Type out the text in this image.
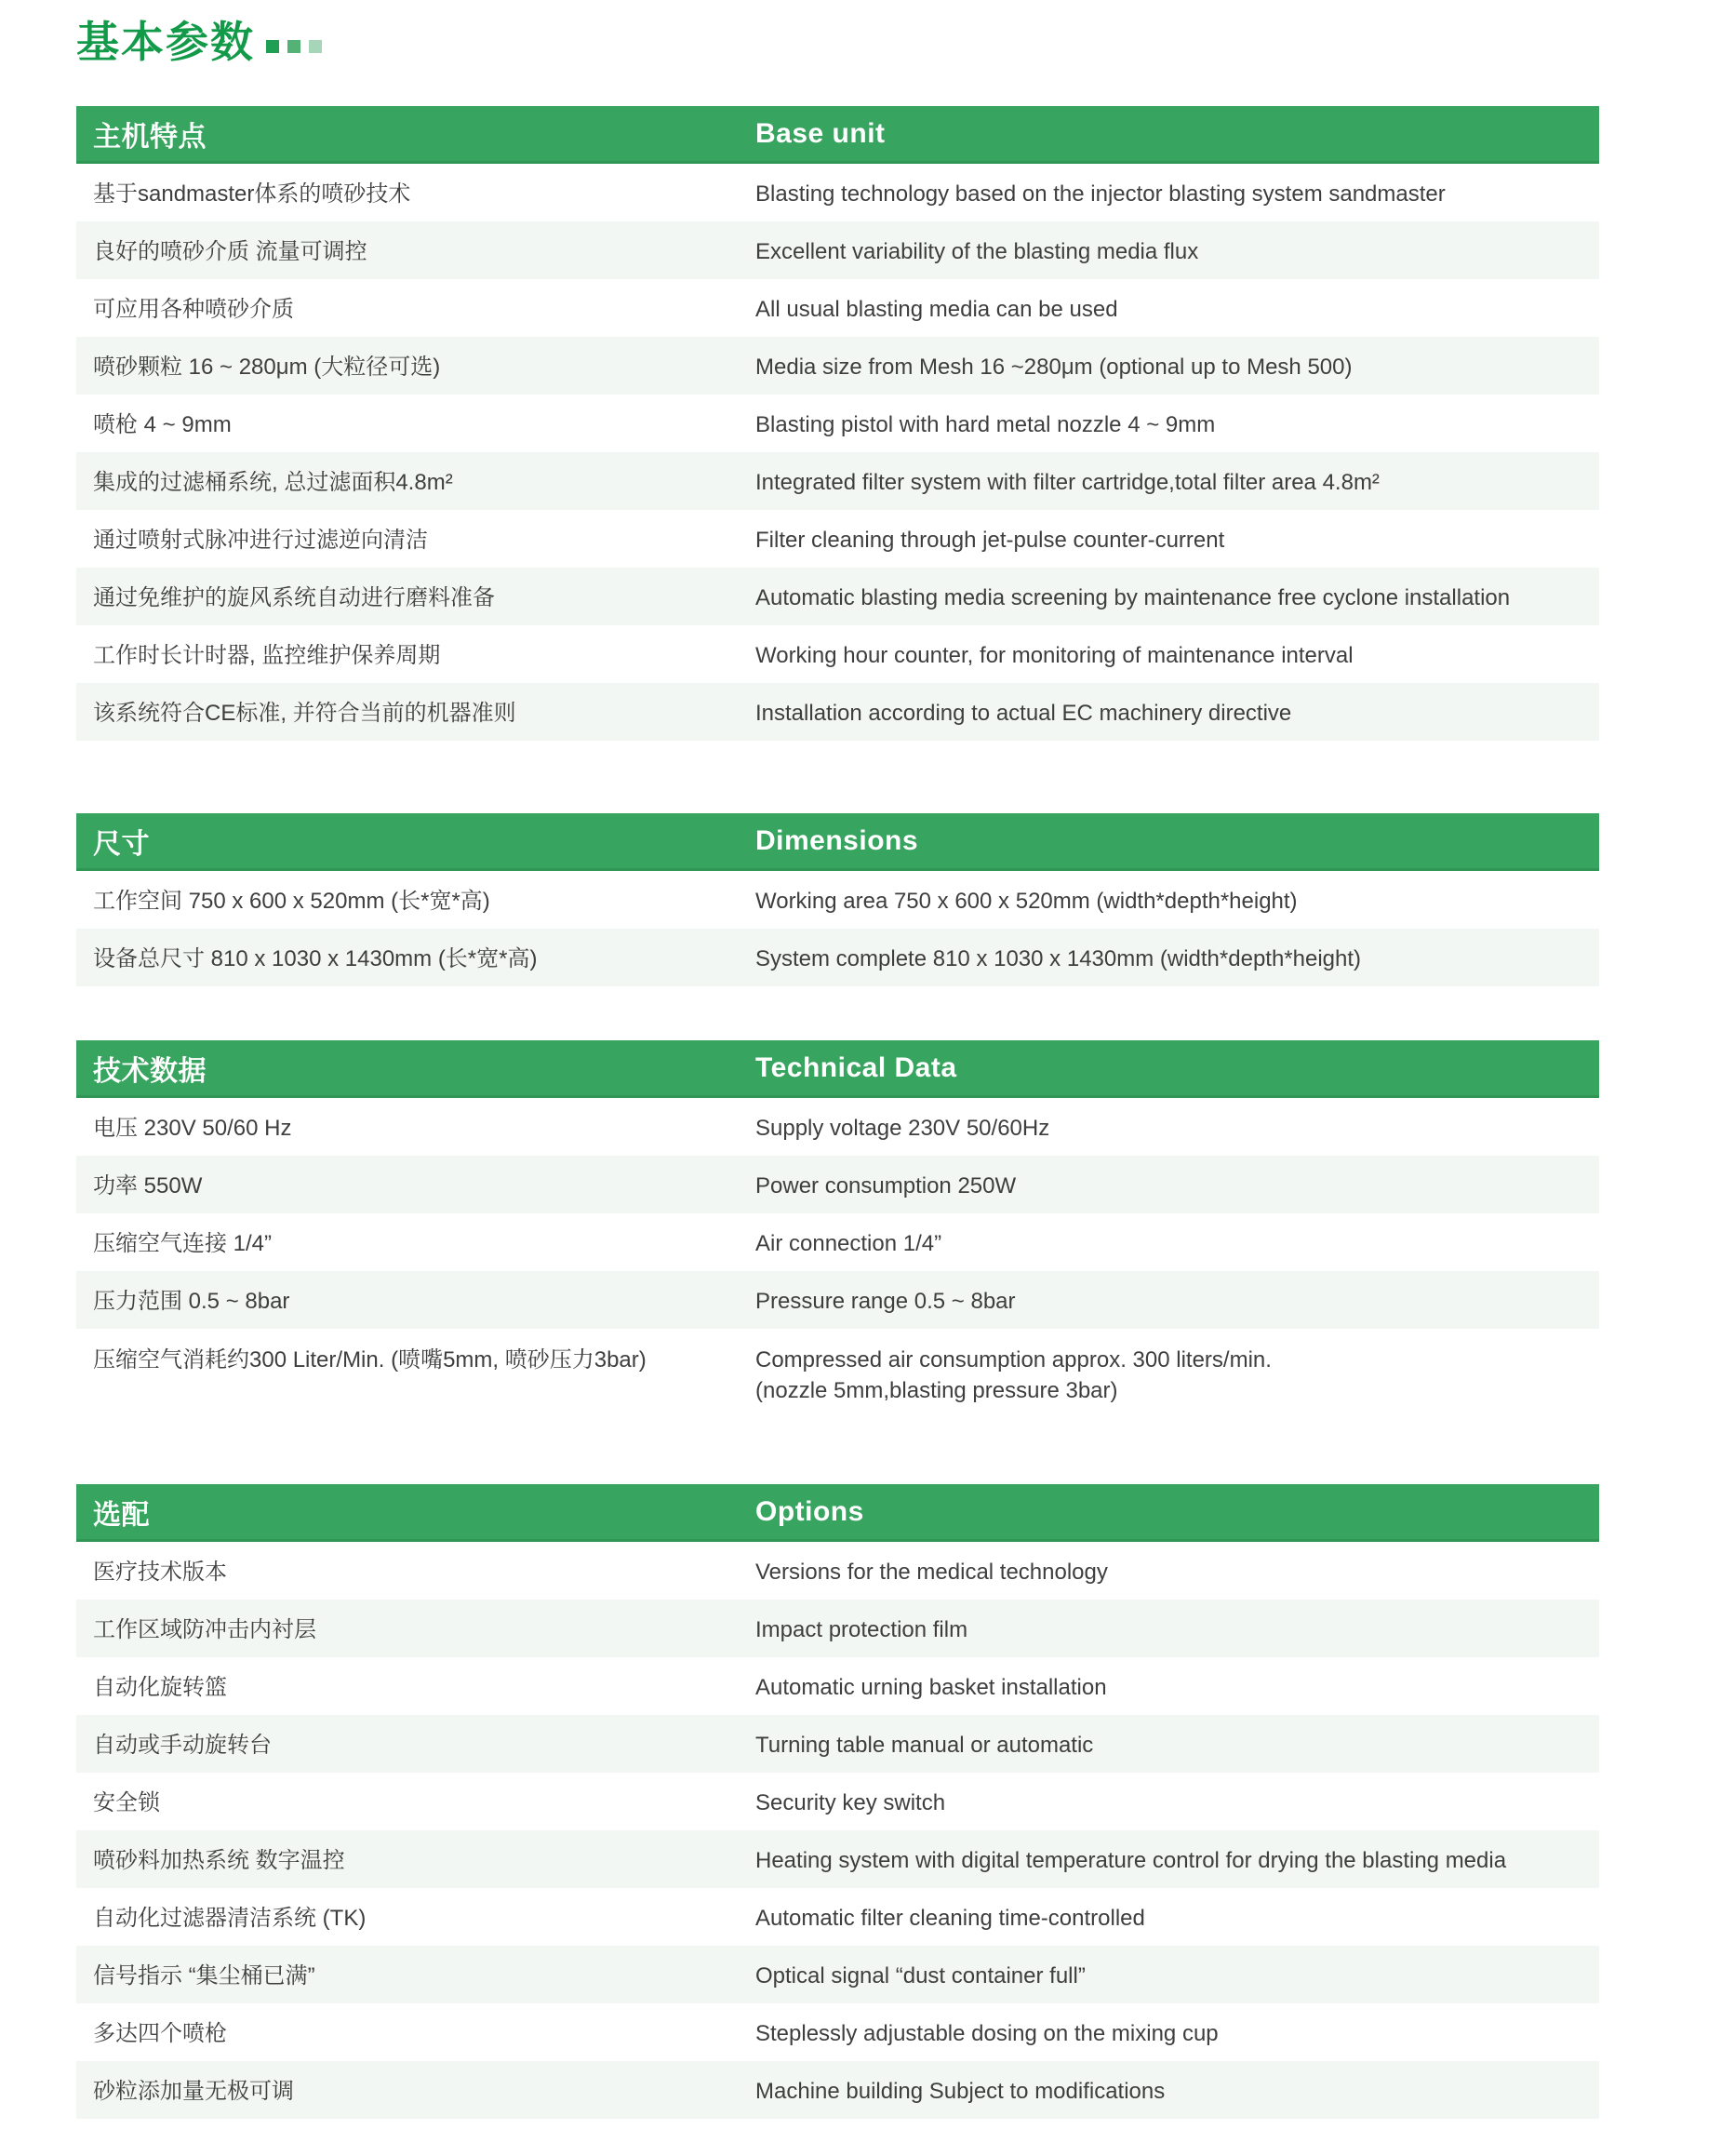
基本参数
主机特点	Base unit
基于sandmaster体系的喷砂技术	Blasting technology based on the injector blasting system sandmaster
良好的喷砂介质 流量可调控	Excellent variability of the blasting media flux
可应用各种喷砂介质	All usual blasting media can be used
喷砂颗粒 16 ~ 280μm (大粒径可选)	Media size from Mesh 16 ~280μm (optional up to Mesh 500)
喷枪 4 ~ 9mm	Blasting pistol with hard metal nozzle 4 ~ 9mm
集成的过滤桶系统, 总过滤面积4.8m²	Integrated filter system with filter cartridge,total filter area 4.8m²
通过喷射式脉冲进行过滤逆向清洁	Filter cleaning through jet-pulse counter-current
通过免维护的旋风系统自动进行磨料准备	Automatic blasting media screening by maintenance free cyclone installation
工作时长计时器, 监控维护保养周期	Working hour counter, for monitoring of maintenance interval
该系统符合CE标准, 并符合当前的机器准则	Installation according to actual EC machinery directive
尺寸	Dimensions
工作空间 750 x 600 x 520mm (长*宽*高)	Working area 750 x 600 x 520mm (width*depth*height)
设备总尺寸 810 x 1030 x 1430mm (长*宽*高)	System complete 810 x 1030 x 1430mm (width*depth*height)
技术数据	Technical Data
电压 230V 50/60 Hz	Supply voltage 230V 50/60Hz
功率 550W	Power consumption 250W
压缩空气连接 1/4”	Air connection 1/4”
压力范围 0.5 ~ 8bar	Pressure range 0.5 ~ 8bar
压缩空气消耗约300 Liter/Min. (喷嘴5mm, 喷砂压力3bar)	Compressed air consumption approx. 300 liters/min.
(nozzle 5mm,blasting pressure 3bar)
选配	Options
医疗技术版本	Versions for the medical technology
工作区域防冲击内衬层	Impact protection film
自动化旋转篮	Automatic urning basket installation
自动或手动旋转台	Turning table manual or automatic
安全锁	Security key switch
喷砂料加热系统 数字温控	Heating system with digital temperature control for drying the blasting media
自动化过滤器清洁系统 (TK)	Automatic filter cleaning time-controlled
信号指示 “集尘桶已满”	Optical signal “dust container full”
多达四个喷枪	Steplessly adjustable dosing on the mixing cup
砂粒添加量无极可调	Machine building Subject to modifications
